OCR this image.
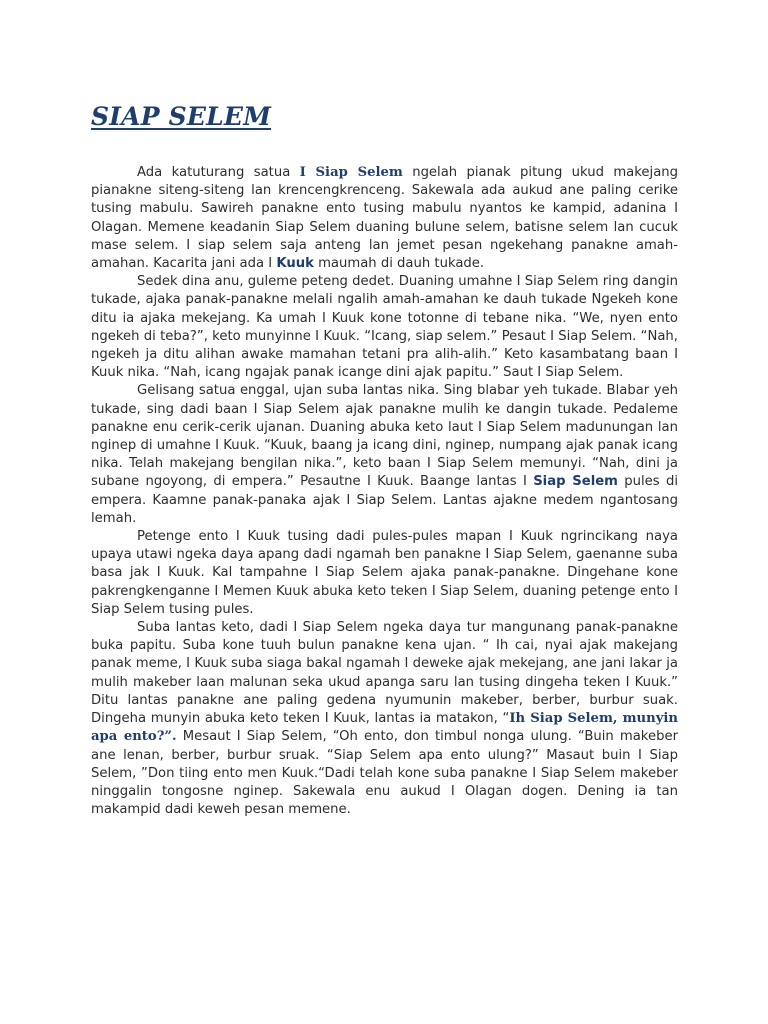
SIAP SELEM

Ada katuturang satua I Siap Selem ngelah pianak pitung ukud makejang pianakne siteng-siteng lan krencengkrenceng. Sakewala ada aukud ane paling cerike tusing mabulu. Sawireh panakne ento tusing mabulu nyantos ke kampid, adanina I Olagan. Memene keadanin Siap Selem duaning bulune selem, batisne selem lan cucuk mase selem. I siap selem saja anteng lan jemet pesan ngekehang panakne amah-amahan. Kacarita jani ada I Kuuk maumah di dauh tukade.

Sedek dina anu, guleme peteng dedet. Duaning umahne I Siap Selem ring dangin tukade, ajaka panak-panakne melali ngalih amah-amahan ke dauh tukade Ngekeh kone ditu ia ajaka mekejang. Ka umah I Kuuk kone totonne di tebane nika. “We, nyen ento ngekeh di teba?”, keto munyinne I Kuuk. “Icang, siap selem.” Pesaut I Siap Selem. “Nah, ngekeh ja ditu alihan awake mamahan tetani pra alih-alih.” Keto kasambatang baan I Kuuk nika. “Nah, icang ngajak panak icange dini ajak papitu.” Saut I Siap Selem.

Gelisang satua enggal, ujan suba lantas nika. Sing blabar yeh tukade. Blabar yeh tukade, sing dadi baan I Siap Selem ajak panakne mulih ke dangin tukade. Pedaleme panakne enu cerik-cerik ujanan. Duaning abuka keto laut I Siap Selem madunungan lan nginep di umahne I Kuuk. “Kuuk, baang ja icang dini, nginep, numpang ajak panak icang nika. Telah makejang bengilan nika.”, keto baan I Siap Selem memunyi. “Nah, dini ja subane ngoyong, di empera.” Pesautne I Kuuk. Baange lantas I Siap Selem pules di empera. Kaamne panak-panaka ajak I Siap Selem. Lantas ajakne medem ngantosang lemah.

Petenge ento I Kuuk tusing dadi pules-pules mapan I Kuuk ngrincikang naya upaya utawi ngeka daya apang dadi ngamah ben panakne I Siap Selem, gaenanne suba basa jak I Kuuk. Kal tampahne I Siap Selem ajaka panak-panakne. Dingehane kone pakrengkenganne I Memen Kuuk abuka keto teken I Siap Selem, duaning petenge ento I Siap Selem tusing pules.

Suba lantas keto, dadi I Siap Selem ngeka daya tur mangunang panak-panakne buka papitu. Suba kone tuuh bulun panakne kena ujan. “ Ih cai, nyai ajak makejang panak meme, I Kuuk suba siaga bakal ngamah I deweke ajak mekejang, ane jani lakar ja mulih makeber laan malunan seka ukud apanga saru lan tusing dingeha teken I Kuuk.” Ditu lantas panakne ane paling gedena nyumunin makeber, berber, burbur suak. Dingeha munyin abuka keto teken I Kuuk, lantas ia matakon, “Ih Siap Selem, munyin apa ento?”. Mesaut I Siap Selem, “Oh ento, don timbul nonga ulung. “Buin makeber ane lenan, berber, burbur sruak. “Siap Selem apa ento ulung?” Masaut buin I Siap Selem, ”Don tiing ento men Kuuk.“Dadi telah kone suba panakne I Siap Selem makeber ninggalin tongosne nginep. Sakewala enu aukud I Olagan dogen. Dening ia tan makampid dadi keweh pesan memene.
